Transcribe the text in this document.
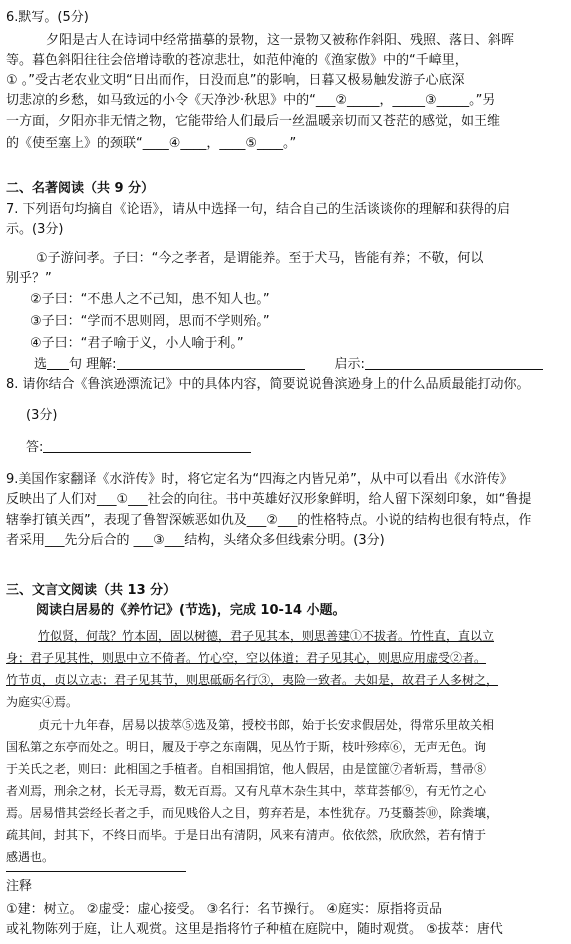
6.默写。(5分)
夕阳是古人在诗词中经常描摹的景物，这一景物又被称作斜阳、残照、落日、斜晖
等。暮色斜阳往往会倍增诗歌的苍凉悲壮，如范仲淹的《渔家傲》中的“千嶂里，
① 。”受古老农业文明“日出而作，日没而息”的影响，日暮又极易触发游子心底深
切悲凉的乡愁，如马致远的小令《天净沙·秋思》中的“___②_____，_____③_____。”另
一方面，夕阳亦非无情之物，它能带给人们最后一丝温暖亲切而又苍茫的感觉，如王维
的《使至塞上》的颈联“____④____，____⑤____。”
二、名著阅读（共 9 分）
7. 下列语句均摘自《论语》，请从中选择一句，结合自己的生活谈谈你的理解和获得的启
示。(3分)
①子游问孝。子曰：“今之孝者，是谓能养。至于犬马，皆能有养；不敬，何以
别乎？”
②子曰：“不患人之不己知，患不知人也。”
③子曰：“学而不思则罔，思而不学则殆。”
④子曰：“君子喻于义，小人喻于利。”
选 句 理解:	启示:
8. 请你结合《鲁滨逊漂流记》中的具体内容，简要说说鲁滨逊身上的什么品质最能打动你。
(3分)
答:
9.美国作家翻译《水浒传》时，将它定名为“四海之内皆兄弟”，从中可以看出《水浒传》
反映出了人们对___①___社会的向往。书中英雄好汉形象鲜明，给人留下深刻印象，如“鲁提
辖拳打镇关西”，表现了鲁智深嫉恶如仇及___②___的性格特点。小说的结构也很有特点，作
者采用___先分后合的 ___③___结构，头绪众多但线索分明。(3分)
三、文言文阅读（共 13 分）
阅读白居易的《养竹记》(节选)，完成 10-14 小题。
竹似贤，何哉？竹本固，固以树德，君子见其本，则思善建①不拔者。竹性直，直以立
身；君子见其性，则思中立不倚者。竹心空，空以体道；君子见其心，则思应用虚受②者。
竹节贞，贞以立志；君子见其节，则思砥砺名行③，夷险一致者。夫如是，故君子人多树之，
为庭实④焉。
贞元十九年春，居易以拔萃⑤选及第，授校书郎，始于长安求假居处，得常乐里故关相
国私第之东亭而处之。明日，履及于亭之东南隅，见丛竹于斯，枝叶殄瘁⑥，无声无色。询
于关氏之老，则曰：此相国之手植者。自相国捐馆，他人假居，由是筐篚⑦者斩焉，彗帚⑧
者刈焉，刑余之材，长无寻焉，数无百焉。又有凡草木杂生其中，萃茸荟郁⑨，有无竹之心
焉。居易惜其尝经长者之手，而见贱俗人之目，剪弃若是，本性犹存。乃芟蘙荟⑩，除粪壤，
疏其间，封其下，不终日而毕。于是日出有清阴，风来有清声。依依然，欣欣然，若有情于
感遇也。
注释
①建：树立。 ②虚受：虚心接受。 ③名行：名节操行。 ④庭实：原指将贡品
或礼物陈列于庭，让人观赏。这里是指将竹子种植在庭院中，随时观赏。 ⑤拔萃：唐代
